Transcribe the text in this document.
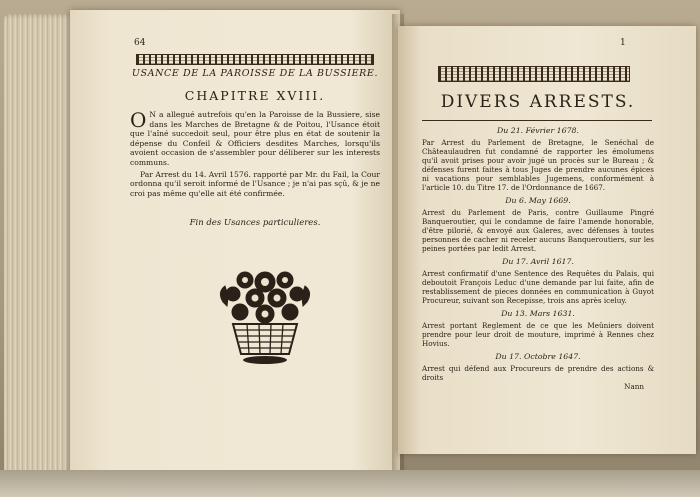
64
USANCE DE LA PAROISSE DE LA BUSSIERE.
CHAPITRE XVIII.

O N a allegué autrefois qu'en la Paroisse de la Bussiere, sise dans les Marches de Bretagne & de Poitou, l'Usance étoit que l'aîné succedoit seul, pour être plus en état de soutenir la dépense du Confeil & Officiers desdites Marches, lorsqu'ils avoient occasion de s'assembler pour déliberer sur les interests communs.

Par Arrest du 14. Avril 1576. rapporté par Mr. du Fail, la Cour ordonna qu'il seroit informé de l'Usance ; je n'ai pas sçû, & je ne croi pas même qu'elle ait été confirmée.

Fin des Usances particulieres.
1
DIVERS ARRESTS.
Du 21. Février 1678.
Par Arrest du Parlement de Bretagne, le Senéchal de Châteaulaudren fut condamné de rapporter les émolumens qu'il avoit prises pour avoir jugé un procès sur le Bureau ; & défenses furent faites à tous Juges de prendre aucunes épices ni vacations pour semblables Jugemens, conformément à l'article 10. du Titre 17. de l'Ordonnance de 1667.
Du 6. May 1669.
Arrest du Parlement de Paris, contre Guillaume Pingré Banqueroutier, qui le condamne de faire l'amende honorable, d'être pilorié, & envoyé aux Galeres, avec défenses à toutes personnes de cacher ni receler aucuns Banqueroutiers, sur les peines portées par ledit Arrest.
Du 17. Avril 1617.
Arrest confirmatif d'une Sentence des Requêtes du Palais, qui deboutoit François Leduc d'une demande par lui faite, afin de restablissement de pieces données en communication à Guyot Procureur, suivant son Recepisse, trois ans après iceluy.
Du 13. Mars 1631.
Arrest portant Reglement de ce que les Meûniers doivent prendre pour leur droit de mouture, imprimé à Rennes chez Hovius.
Du 17. Octobre 1647.
Arrest qui défend aux Procureurs de prendre des actions & droits
Nann
